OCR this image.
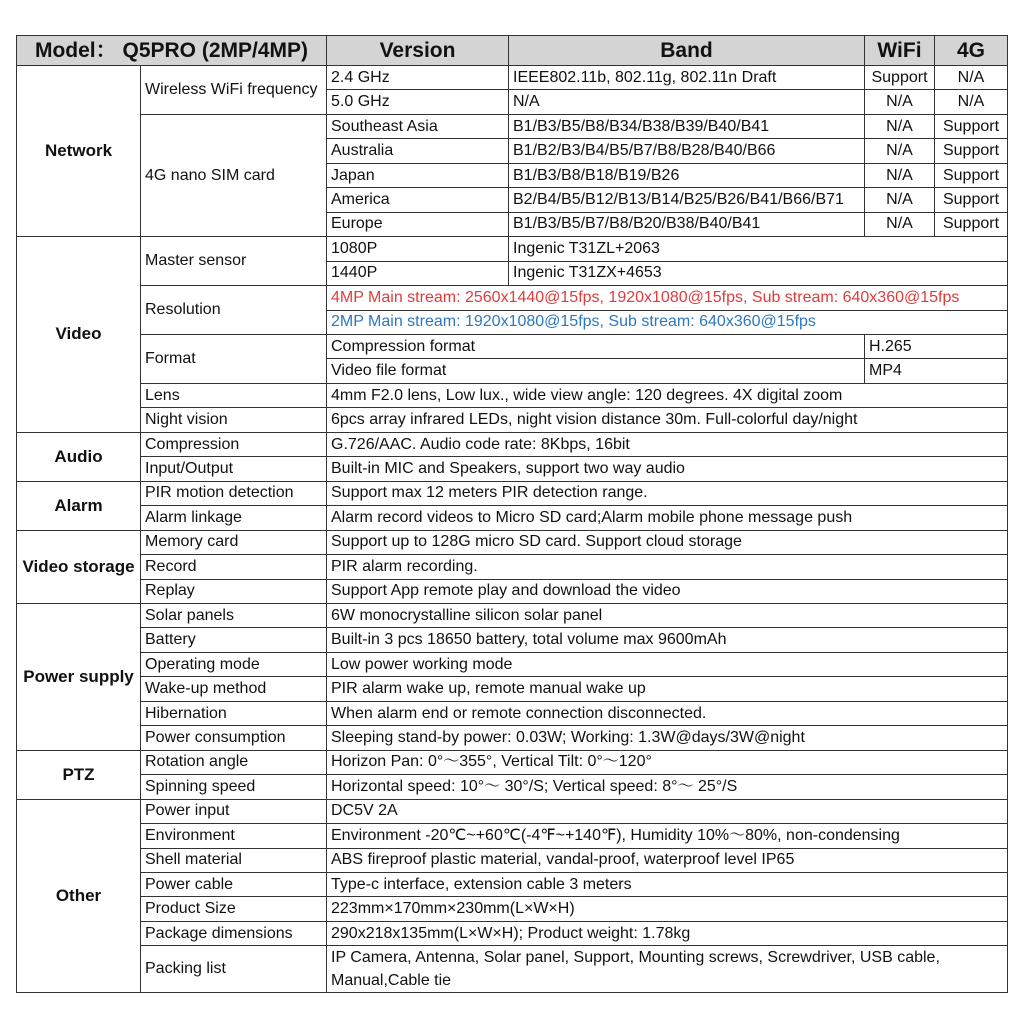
Model： Q5PRO (2MP/4MP)		Version	Band	WiFi	4G
Network	Wireless WiFi frequency	2.4 GHz	IEEE802.11b, 802.11g, 802.11n Draft	Support	N/A
		5.0 GHz	N/A	N/A	N/A
	4G nano SIM card	Southeast Asia	B1/B3/B5/B8/B34/B38/B39/B40/B41	N/A	Support
		Australia	B1/B2/B3/B4/B5/B7/B8/B28/B40/B66	N/A	Support
		Japan	B1/B3/B8/B18/B19/B26	N/A	Support
		America	B2/B4/B5/B12/B13/B14/B25/B26/B41/B66/B71	N/A	Support
		Europe	B1/B3/B5/B7/B8/B20/B38/B40/B41	N/A	Support
Video	Master sensor	1080P	Ingenic T31ZL+2063		
		1440P	Ingenic T31ZX+4653		
	Resolution	4MP Main stream: 2560x1440@15fps, 1920x1080@15fps, Sub stream: 640x360@15fps			
		2MP Main stream: 1920x1080@15fps, Sub stream: 640x360@15fps			
	Format	Compression format		H.265	
		Video file format		MP4	
	Lens	4mm F2.0 lens, Low lux., wide view angle: 120 degrees. 4X digital zoom			
	Night vision	6pcs array infrared LEDs, night vision distance 30m. Full-colorful day/night			
Audio	Compression	G.726/AAC. Audio code rate: 8Kbps, 16bit			
	Input/Output	Built-in MIC and Speakers, support two way audio			
Alarm	PIR motion detection	Support max 12 meters PIR detection range.			
	Alarm linkage	Alarm record videos to Micro SD card;Alarm mobile phone message push			
Video storage	Memory card	Support up to 128G micro SD card. Support cloud storage			
	Record	PIR alarm recording.			
	Replay	Support App remote play and download the video			
Power supply	Solar panels	6W monocrystalline silicon solar panel			
	Battery	Built-in 3 pcs 18650 battery, total volume max 9600mAh			
	Operating mode	Low power working mode			
	Wake-up method	PIR alarm wake up, remote manual wake up			
	Hibernation	When alarm end or remote connection disconnected.			
	Power consumption	Sleeping stand-by power: 0.03W; Working: 1.3W@days/3W@night			
PTZ	Rotation angle	Horizon Pan: 0°～355°, Vertical Tilt: 0°～120°			
	Spinning speed	Horizontal speed: 10°～ 30°/S; Vertical speed: 8°～ 25°/S			
Other	Power input	DC5V 2A			
	Environment	Environment -20℃~+60℃(-4℉~+140℉), Humidity 10%～80%, non-condensing			
	Shell material	ABS fireproof plastic material, vandal-proof, waterproof level IP65			
	Power cable	Type-c interface, extension cable 3 meters			
	Product Size	223mm×170mm×230mm(L×W×H)			
	Package dimensions	290x218x135mm(L×W×H); Product weight: 1.78kg			
	Packing list	IP Camera, Antenna, Solar panel, Support, Mounting screws, Screwdriver, USB cable, Manual,Cable tie			
